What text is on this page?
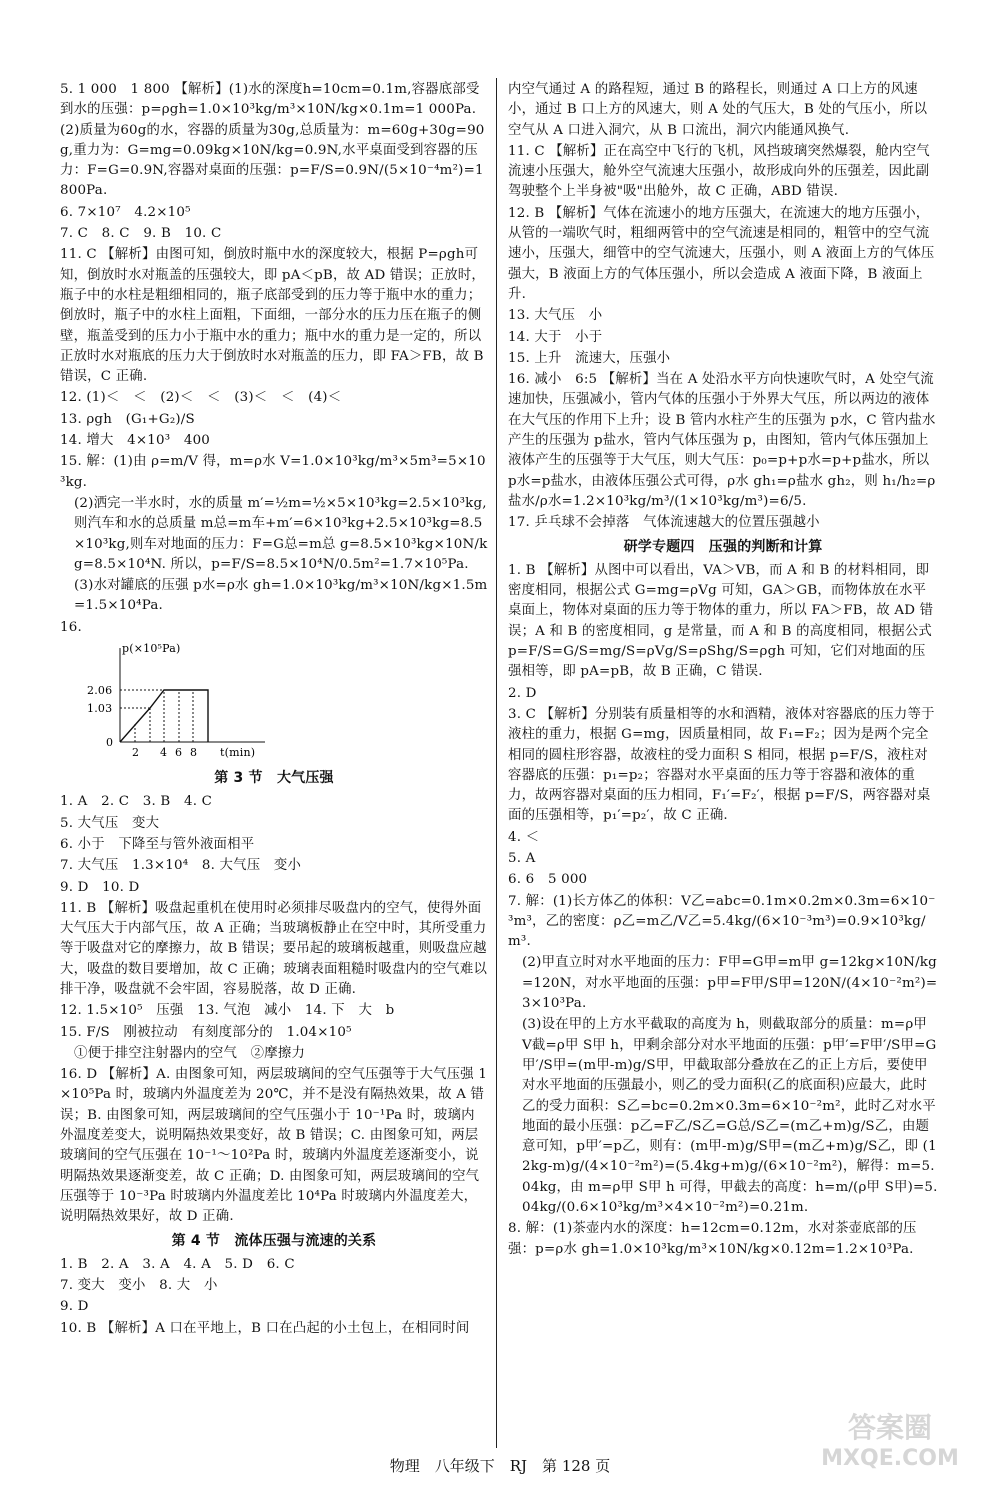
5. 1 000　1 800 【解析】(1)水的深度h=10cm=0.1m,容器底部受到水的压强：p=ρgh=1.0×10³kg/m³×10N/kg×0.1m=1 000Pa. (2)质量为60g的水，容器的质量为30g,总质量为：m=60g+30g=90g,重力为：G=mg=0.09kg×10N/kg=0.9N,水平桌面受到容器的压力：F=G=0.9N,容器对桌面的压强：p=F/S=0.9N/(5×10⁻⁴m²)=1 800Pa.
6. 7×10⁷　4.2×10⁵
7. C　8. C　9. B　10. C
11. C 【解析】由图可知，倒放时瓶中水的深度较大，根据 P=ρgh可知，倒放时水对瓶盖的压强较大，即 pA＜pB，故 AD 错误；正放时，瓶子中的水柱是粗细相同的，瓶子底部受到的压力等于瓶中水的重力；倒放时，瓶子中的水柱上面粗，下面细，一部分水的压力压在瓶子的侧壁，瓶盖受到的压力小于瓶中水的重力；瓶中水的重力是一定的，所以正放时水对瓶底的压力大于倒放时水对瓶盖的压力，即 FA＞FB，故 B 错误，C 正确.
12. (1)＜　＜　(2)＜　＜　(3)＜　＜　(4)＜
13. ρgh　(G₁+G₂)/S
14. 增大　4×10³　400
15. 解：(1)由 ρ=m/V 得，m=ρ水 V=1.0×10³kg/m³×5m³=5×10³kg.
(2)洒完一半水时，水的质量 m′=½m=½×5×10³kg=2.5×10³kg,则汽车和水的总质量 m总=m车+m′=6×10³kg+2.5×10³kg=8.5×10³kg,则车对地面的压力：F=G总=m总 g=8.5×10³kg×10N/kg=8.5×10⁴N. 所以，p=F/S=8.5×10⁴N/0.5m²=1.7×10⁵Pa.
(3)水对罐底的压强 p水=ρ水 gh=1.0×10³kg/m³×10N/kg×1.5m=1.5×10⁴Pa.
16.
p(×10⁵Pa)
t(min)
2.06
1.03
0
2 4 6 8
第 3 节　大气压强
1. A　2. C　3. B　4. C
5. 大气压　变大
6. 小于　下降至与管外液面相平
7. 大气压　1.3×10⁴　8. 大气压　变小
9. D　10. D
11. B 【解析】吸盘起重机在使用时必须排尽吸盘内的空气，使得外面大气压大于内部气压，故 A 正确；当玻璃板静止在空中时，其所受重力等于吸盘对它的摩擦力，故 B 错误；要吊起的玻璃板越重，则吸盘应越大，吸盘的数目要增加，故 C 正确；玻璃表面粗糙时吸盘内的空气难以排干净，吸盘就不会牢固，容易脱落，故 D 正确.
12. 1.5×10⁵　压强　13. 气泡　减小　14. 下　大　b
15. F/S　刚被拉动　有刻度部分的　1.04×10⁵
①便于排空注射器内的空气　②摩擦力
16. D 【解析】A. 由图象可知，两层玻璃间的空气压强等于大气压强 1×10⁵Pa 时，玻璃内外温度差为 20℃，并不是没有隔热效果，故 A 错误；B. 由图象可知，两层玻璃间的空气压强小于 10⁻¹Pa 时，玻璃内外温度差变大，说明隔热效果变好，故 B 错误；C. 由图象可知，两层玻璃间的空气压强在 10⁻¹～10²Pa 时，玻璃内外温度差逐渐变小，说明隔热效果逐渐变差，故 C 正确；D. 由图象可知，两层玻璃间的空气压强等于 10⁻³Pa 时玻璃内外温度差比 10⁴Pa 时玻璃内外温度差大，说明隔热效果好，故 D 正确.
第 4 节　流体压强与流速的关系
1. B　2. A　3. A　4. A　5. D　6. C
7. 变大　变小　8. 大　小
9. D
10. B 【解析】A 口在平地上，B 口在凸起的小土包上，在相同时间
内空气通过 A 的路程短，通过 B 的路程长，则通过 A 口上方的风速小，通过 B 口上方的风速大，则 A 处的气压大，B 处的气压小，所以空气从 A 口进入洞穴，从 B 口流出，洞穴内能通风换气.
11. C 【解析】正在高空中飞行的飞机，风挡玻璃突然爆裂，舱内空气流速小压强大，舱外空气流速大压强小，故形成向外的压强差，因此副驾驶整个上半身被"吸"出舱外，故 C 正确，ABD 错误.
12. B 【解析】气体在流速小的地方压强大，在流速大的地方压强小，从管的一端吹气时，粗细两管中的空气流速是相同的，粗管中的空气流速小，压强大，细管中的空气流速大，压强小，则 A 液面上方的气体压强大，B 液面上方的气体压强小，所以会造成 A 液面下降，B 液面上升.
13. 大气压　小
14. 大于　小于
15. 上升　流速大，压强小
16. 减小　6:5 【解析】当在 A 处沿水平方向快速吹气时，A 处空气流速加快，压强减小，管内气体的压强小于外界大气压，所以两边的液体在大气压的作用下上升；设 B 管内水柱产生的压强为 p水，C 管内盐水产生的压强为 p盐水，管内气体压强为 p，由图知，管内气体压强加上液体产生的压强等于大气压，则大气压：p₀=p+p水=p+p盐水，所以 p水=p盐水，由液体压强公式可得，ρ水 gh₁=ρ盐水 gh₂，则 h₁/h₂=ρ盐水/ρ水=1.2×10³kg/m³/(1×10³kg/m³)=6/5.
17. 乒乓球不会掉落　气体流速越大的位置压强越小
研学专题四　压强的判断和计算
1. B 【解析】从图中可以看出，VA＞VB，而 A 和 B 的材料相同，即密度相同，根据公式 G=mg=ρVg 可知，GA＞GB，而物体放在水平桌面上，物体对桌面的压力等于物体的重力，所以 FA＞FB，故 AD 错误；A 和 B 的密度相同，g 是常量，而 A 和 B 的高度相同，根据公式 p=F/S=G/S=mg/S=ρVg/S=ρShg/S=ρgh 可知，它们对地面的压强相等，即 pA=pB，故 B 正确，C 错误.
2. D
3. C 【解析】分别装有质量相等的水和酒精，液体对容器底的压力等于液柱的重力，根据 G=mg，因质量相同，故 F₁=F₂；因为是两个完全相同的圆柱形容器，故液柱的受力面积 S 相同，根据 p=F/S，液柱对容器底的压强：p₁=p₂；容器对水平桌面的压力等于容器和液体的重力，故两容器对桌面的压力相同，F₁′=F₂′，根据 p=F/S，两容器对桌面的压强相等，p₁′=p₂′，故 C 正确.
4. ＜
5. A
6. 6　5 000
7. 解：(1)长方体乙的体积：V乙=abc=0.1m×0.2m×0.3m=6×10⁻³m³，乙的密度：ρ乙=m乙/V乙=5.4kg/(6×10⁻³m³)=0.9×10³kg/m³.
(2)甲直立时对水平地面的压力：F甲=G甲=m甲 g=12kg×10N/kg=120N，对水平地面的压强：p甲=F甲/S甲=120N/(4×10⁻²m²)=3×10³Pa.
(3)设在甲的上方水平截取的高度为 h，则截取部分的质量：m=ρ甲 V截=ρ甲 S甲 h，甲剩余部分对水平地面的压强：p甲′=F甲′/S甲=G甲′/S甲=(m甲-m)g/S甲，甲截取部分叠放在乙的正上方后，要使甲对水平地面的压强最小，则乙的受力面积(乙的底面积)应最大，此时乙的受力面积：S乙=bc=0.2m×0.3m=6×10⁻²m²，此时乙对水平地面的最小压强：p乙=F乙/S乙=G总/S乙=(m乙+m)g/S乙，由题意可知，p甲′=p乙，则有：(m甲-m)g/S甲=(m乙+m)g/S乙，即 (12kg-m)g/(4×10⁻²m²)=(5.4kg+m)g/(6×10⁻²m²)，解得：m=5.04kg，由 m=ρ甲 S甲 h 可得，甲截去的高度：h=m/(ρ甲 S甲)=5.04kg/(0.6×10³kg/m³×4×10⁻²m²)=0.21m.
8. 解：(1)茶壶内水的深度：h=12cm=0.12m，水对茶壶底部的压强：p=ρ水 gh=1.0×10³kg/m³×10N/kg×0.12m=1.2×10³Pa.
物理　八年级下　RJ　第 128 页
答案圈
MXQE.COM
